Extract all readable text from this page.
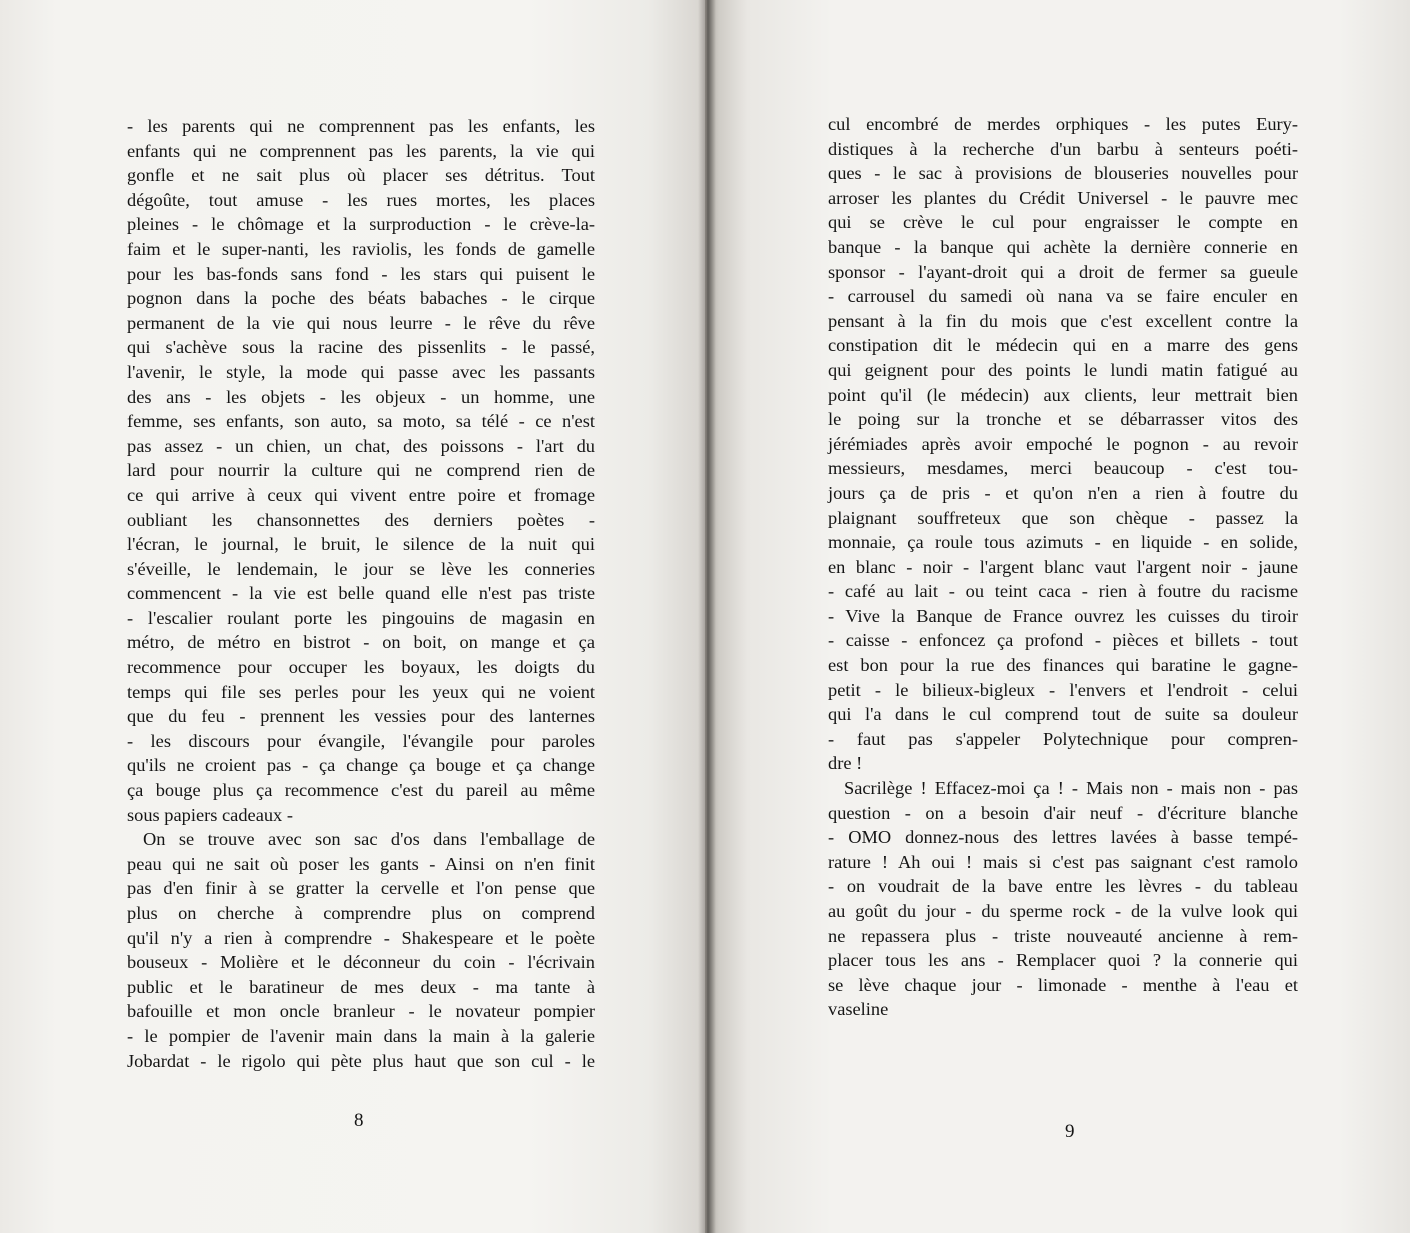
- les parents qui ne comprennent pas les enfants, les
enfants qui ne comprennent pas les parents, la vie qui
gonfle et ne sait plus où placer ses détritus. Tout
dégoûte, tout amuse - les rues mortes, les places
pleines - le chômage et la surproduction - le crève-la-
faim et le super-nanti, les raviolis, les fonds de gamelle
pour les bas-fonds sans fond - les stars qui puisent le
pognon dans la poche des béats babaches - le cirque
permanent de la vie qui nous leurre - le rêve du rêve
qui s'achève sous la racine des pissenlits - le passé,
l'avenir, le style, la mode qui passe avec les passants
des ans - les objets - les objeux - un homme, une
femme, ses enfants, son auto, sa moto, sa télé - ce n'est
pas assez - un chien, un chat, des poissons - l'art du
lard pour nourrir la culture qui ne comprend rien de
ce qui arrive à ceux qui vivent entre poire et fromage
oubliant les chansonnettes des derniers poètes -
l'écran, le journal, le bruit, le silence de la nuit qui
s'éveille, le lendemain, le jour se lève les conneries
commencent - la vie est belle quand elle n'est pas triste
- l'escalier roulant porte les pingouins de magasin en
métro, de métro en bistrot - on boit, on mange et ça
recommence pour occuper les boyaux, les doigts du
temps qui file ses perles pour les yeux qui ne voient
que du feu - prennent les vessies pour des lanternes
- les discours pour évangile, l'évangile pour paroles
qu'ils ne croient pas - ça change ça bouge et ça change
ça bouge plus ça recommence c'est du pareil au même
sous papiers cadeaux -
On se trouve avec son sac d'os dans l'emballage de
peau qui ne sait où poser les gants - Ainsi on n'en finit
pas d'en finir à se gratter la cervelle et l'on pense que
plus on cherche à comprendre plus on comprend
qu'il n'y a rien à comprendre - Shakespeare et le poète
bouseux - Molière et le déconneur du coin - l'écrivain
public et le baratineur de mes deux - ma tante à
bafouille et mon oncle branleur - le novateur pompier
- le pompier de l'avenir main dans la main à la galerie
Jobardat - le rigolo qui pète plus haut que son cul - le
8
cul encombré de merdes orphiques - les putes Eury-
distiques à la recherche d'un barbu à senteurs poéti-
ques - le sac à provisions de blouseries nouvelles pour
arroser les plantes du Crédit Universel - le pauvre mec
qui se crève le cul pour engraisser le compte en
banque - la banque qui achète la dernière connerie en
sponsor - l'ayant-droit qui a droit de fermer sa gueule
- carrousel du samedi où nana va se faire enculer en
pensant à la fin du mois que c'est excellent contre la
constipation dit le médecin qui en a marre des gens
qui geignent pour des points le lundi matin fatigué au
point qu'il (le médecin) aux clients, leur mettrait bien
le poing sur la tronche et se débarrasser vitos des
jérémiades après avoir empoché le pognon - au revoir
messieurs, mesdames, merci beaucoup - c'est tou-
jours ça de pris - et qu'on n'en a rien à foutre du
plaignant souffreteux que son chèque - passez la
monnaie, ça roule tous azimuts - en liquide - en solide,
en blanc - noir - l'argent blanc vaut l'argent noir - jaune
- café au lait - ou teint caca - rien à foutre du racisme
- Vive la Banque de France ouvrez les cuisses du tiroir
- caisse - enfoncez ça profond - pièces et billets - tout
est bon pour la rue des finances qui baratine le gagne-
petit - le bilieux-bigleux - l'envers et l'endroit - celui
qui l'a dans le cul comprend tout de suite sa douleur
- faut pas s'appeler Polytechnique pour compren-
dre !
Sacrilège ! Effacez-moi ça ! - Mais non - mais non - pas
question - on a besoin d'air neuf - d'écriture blanche
- OMO donnez-nous des lettres lavées à basse tempé-
rature ! Ah oui ! mais si c'est pas saignant c'est ramolo
- on voudrait de la bave entre les lèvres - du tableau
au goût du jour - du sperme rock - de la vulve look qui
ne repassera plus - triste nouveauté ancienne à rem-
placer tous les ans - Remplacer quoi ? la connerie qui
se lève chaque jour - limonade - menthe à l'eau et
vaseline
9
